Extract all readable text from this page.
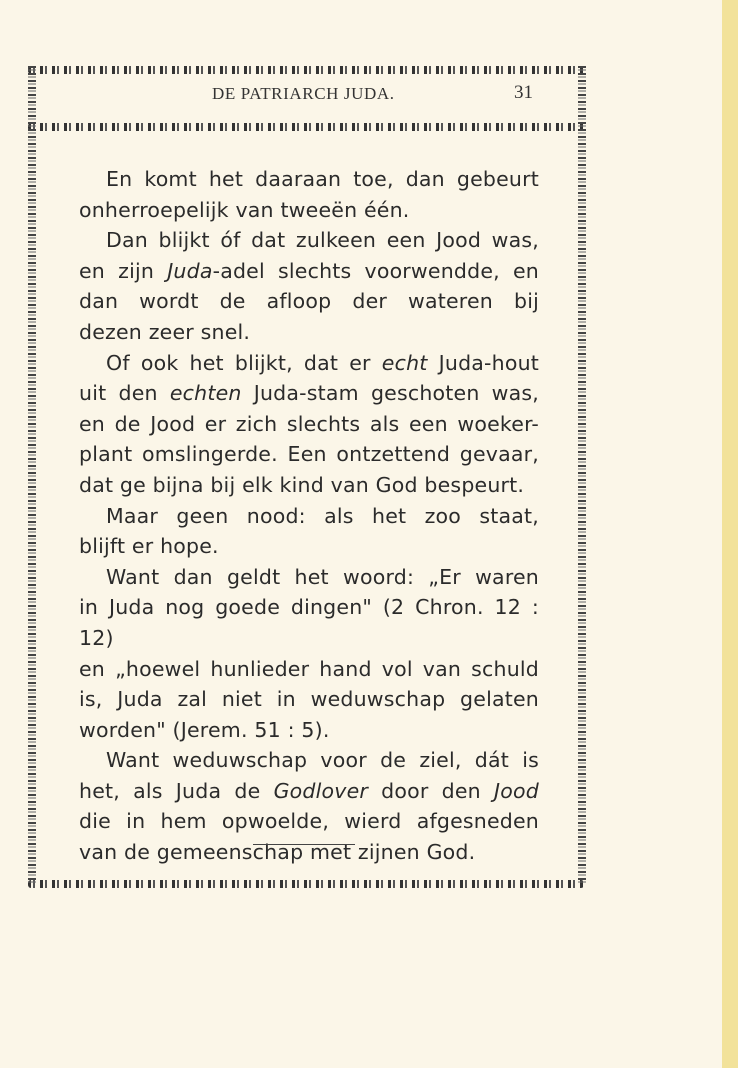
DE PATRIARCH JUDA.	31
En komt het daaraan toe, dan gebeurt
onherroepelijk van tweeën één.
Dan blijkt óf dat zulkeen een Jood was,
en zijn Juda-adel slechts voorwendde, en
dan wordt de afloop der wateren bij
dezen zeer snel.
Of ook het blijkt, dat er echt Juda-hout
uit den echten Juda-stam geschoten was,
en de Jood er zich slechts als een woeker-
plant omslingerde. Een ontzettend gevaar,
dat ge bijna bij elk kind van God bespeurt.
Maar geen nood: als het zoo staat,
blijft er hope.
Want dan geldt het woord: „Er waren
in Juda nog goede dingen" (2 Chron. 12 : 12)
en „hoewel hunlieder hand vol van schuld
is, Juda zal niet in weduwschap gelaten
worden" (Jerem. 51 : 5).
Want weduwschap voor de ziel, dát is
het, als Juda de Godlover door den Jood
die in hem opwoelde, wierd afgesneden
van de gemeenschap met zijnen God.
